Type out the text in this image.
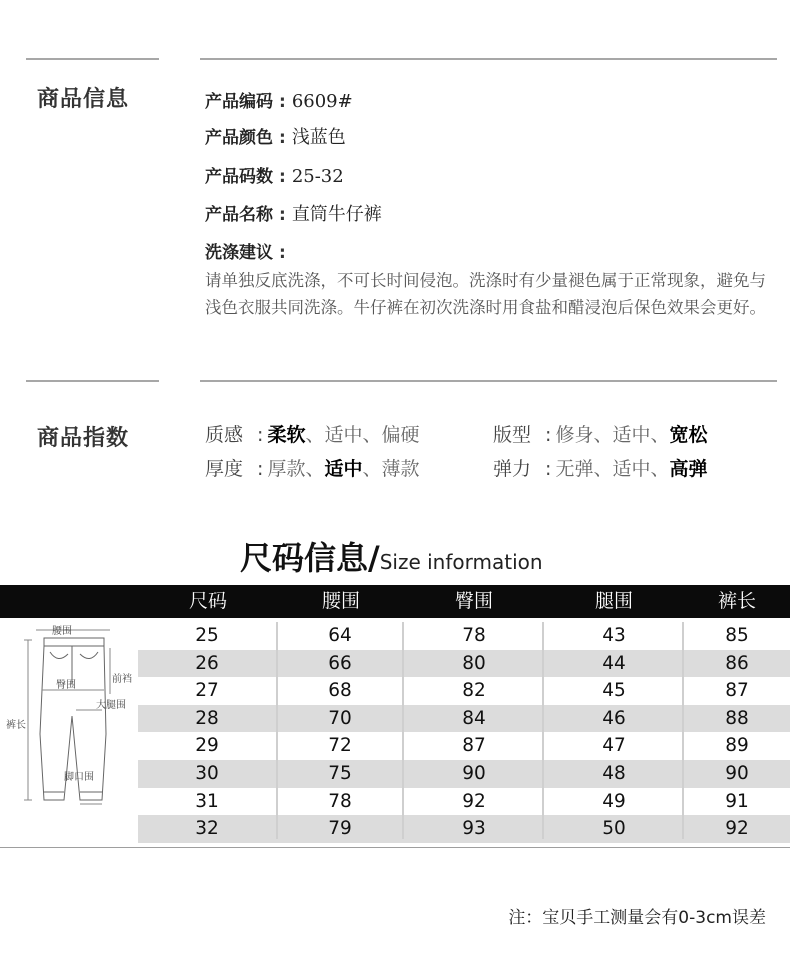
商品信息	产品编码 : 6609#
产品颜色 : 浅蓝色
产品码数 : 25-32
产品名称 : 直筒牛仔裤
洗涤建议 :
请单独反底洗涤，不可长时间侵泡。洗涤时有少量褪色属于正常现象，避免与浅色衣服共同洗涤。牛仔裤在初次洗涤时用食盐和醋浸泡后保色效果会更好。
商品指数	质感 : 柔软、适中、偏硬	版型 : 修身、适中、宽松
厚度 : 厚款、适中、薄款	弹力 : 无弹、适中、高弹
尺码信息/Size information
尺码	腰围	臀围	腿围	裤长
25	64	78	43	85
26	66	80	44	86
27	68	82	45	87
28	70	84	46	88
29	72	87	47	89
30	75	90	48	90
31	78	92	49	91
32	79	93	50	92
腰围
臀围
前裆
大腿围
裤长
脚口围
注：宝贝手工测量会有0-3cm误差
